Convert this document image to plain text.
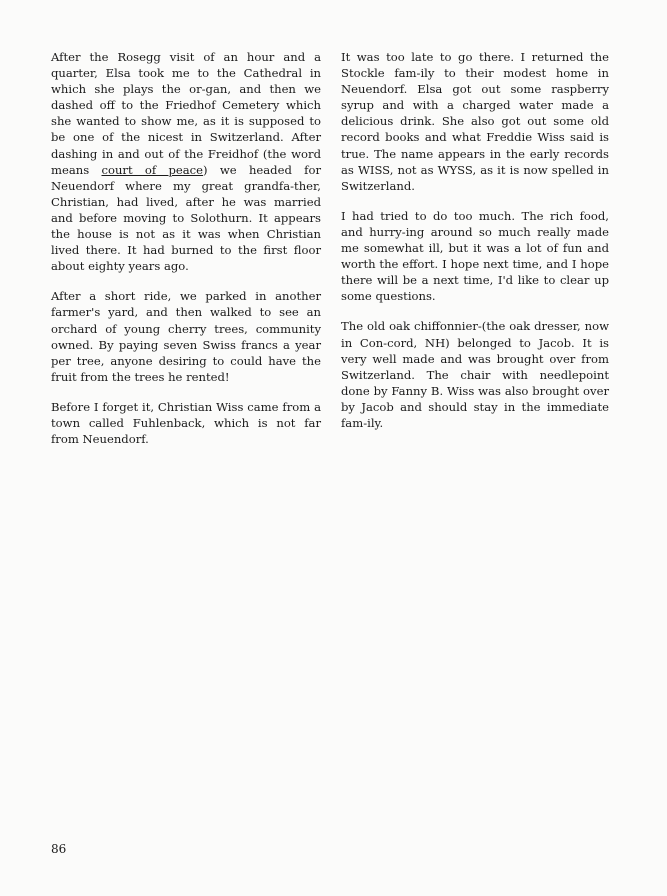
After the Rosegg visit of an hour and a quarter, Elsa took me to the Cathedral in which she plays the or-gan, and then we dashed off to the Friedhof Cemetery which she wanted to show me, as it is supposed to be one of the nicest in Switzerland. After dashing in and out of the Freidhof (the word means court of peace) we headed for Neuendorf where my great grandfa-ther, Christian, had lived, after he was married and before moving to Solothurn. It appears the house is not as it was when Christian lived there. It had burned to the first floor about eighty years ago.

After a short ride, we parked in another farmer's yard, and then walked to see an orchard of young cherry trees, community owned. By paying seven Swiss francs a year per tree, anyone desiring to could have the fruit from the trees he rented!

Before I forget it, Christian Wiss came from a town called Fuhlenback, which is not far from Neuendorf.

It was too late to go there. I returned the Stockle fam-ily to their modest home in Neuendorf. Elsa got out some raspberry syrup and with a charged water made a delicious drink. She also got out some old record books and what Freddie Wiss said is true. The name appears in the early records as WISS, not as WYSS, as it is now spelled in Switzerland.

I had tried to do too much. The rich food, and hurry-ing around so much really made me somewhat ill, but it was a lot of fun and worth the effort. I hope next time, and I hope there will be a next time, I'd like to clear up some questions.

The old oak chiffonnier-(the oak dresser, now in Con-cord, NH) belonged to Jacob. It is very well made and was brought over from Switzerland. The chair with needlepoint done by Fanny B. Wiss was also brought over by Jacob and should stay in the immediate fam-ily.

86
